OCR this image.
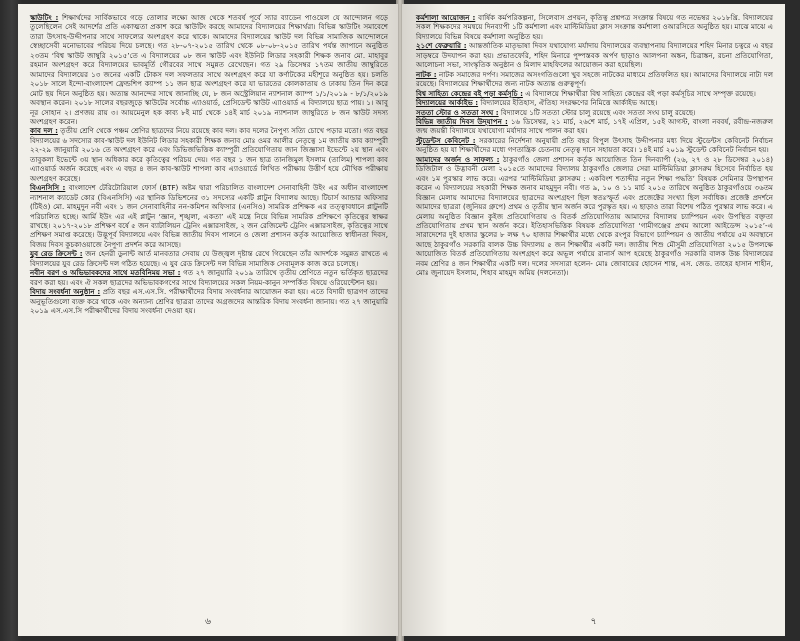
স্কাউটিং : শিক্ষার্থদের সার্বিকভাবে গড়ে তোলার লক্ষ্যে আজ থেকে শতবর্ষ পূর্বে স্যার ব্যাডেন পাওয়েল যে আন্দোলন গড়ে তুলেছিলেন সেই আদর্শের প্রতি একাত্মতা প্রকাশ করে স্কাউটিং করছে আমাদের বিদ্যালয়ের শিক্ষার্থরা। বিভিন্ন স্কাউটিং সমাবেশে তারা উৎসাহ-উদ্দীপনার সাথে সাফল্যের অংশগ্রহণ করে থাকে। আমাদের বিদ্যালয়ের স্কাউট দল বিভিন্ন সামাজিক আন্দোলনে স্বেচ্ছাসেবী মনোভাবের পরিচয় দিয়ে চলছে। গত ২৮-০৭-২০১৫ তারিখ থেকে ০৮-০৮-২০১৫ তারিখ পর্যন্ত জাপানে অনুষ্ঠিত ২৩তম ‘বিশ্ব স্কাউট জাম্বুরি ২০১৫’তে এ বিদ্যালয়ের ০৮ জন স্কাউট এবং ইউনিট লিডার সহকারী শিক্ষক জনাব মো. মাহাবুর রহমান অংশগ্রহণ করে বিদ্যালয়ের ভাবমূর্তি গৌরবের সাথে সমুন্নত রেখেছেন। গত ২৯ ডিসেম্বর ১৭তম জাতীয় জাম্বুরিতে আমাদের বিদ্যালয়ের ১৩ জনের একটি টোকস দল সফলতার সাথে অংশগ্রহণ করে যা কর্ণাটকের মহীশূরে অনুষ্ঠিত হয়। চলতি ২০১৮ সালে ইন্দো-বাংলাদেশ ফ্রেন্ডশিপ ক্যাম্প ১১ জন ছাত্র অংশগ্রহণ করে যা ভারতের কোলকাতায় ও ঢাকায় তিন দিন করে মোট ছয় দিনে অনুষ্ঠিত হয়। অত্যন্ত আনন্দের সাথে জানাচ্ছি যে, ৮ জন অস্ট্রেলিয়ান ন্যাশনাল ক্যাম্প ১/১/২০১৯ - ৮/১/২০১৯ অবস্থান করেন। ২০১৮ সালের বছরজুড়ে স্কাউটের সর্বোচ্চ এ্যাওয়ার্ড, প্রেসিডেন্ট স্কাউট এ্যাওয়ার্ড এ বিদ্যালয়ে ছাত্র পায়। ১। আবু নূর সোহান ২। প্রণজয় রায় ৩। আয়মেনুল হক কাব্য ৮ই মার্চ থেকে ১৪ই মার্চ ২০১৯ ন্যাশনাল জাম্বুরিতে ৮ জন স্কাউট সদস্য অংশগ্রহণ করেন।

কাব দল : তৃতীয় শ্রেণি থেকে পঞ্চম শ্রেণির ছাত্রদের নিয়ে রয়েছে কাব দল। কাব দলের নৈপুণ্য সত্যি চোখে পড়ার মতো। গত বছর বিদ্যালয়ের ৬ সদস্যের কাব-স্কাউট দল ইউনিট লিডার সহকারী শিক্ষক জনাব মোঃ ওমর আলীর নেতৃত্বে ১ম জাতীয় কাব ক্যাম্পুরী ২২-২৯ জানুয়ারি ২০১৬ তে অংশগ্রহণ করে এবং ডিভিজভিত্তিক ক্যাম্পুরী প্রতিযোগিতায় জান জিজ্ঞাসা ইভেন্টে ২য় স্থান এবং তাবুকলা ইভেন্টে ৩য় স্থান অধিকার করে কৃতিত্বের পরিচয় দেয়। গত বছর ১ জন ছাত্র তানজিমুল ইসলাম (তালিম) শাপলা কাব এ্যাওয়ার্ড অর্জন করেছে এবং এ বছর ৪ জন কাব-স্কাউট শাপলা কাব এ্যাওয়ার্ডে লিখিত পরীক্ষায় উত্তীর্ণ হয়ে মৌখিক পরীক্ষায় অংশগ্রহণ করেছে।

বিএনসিসি : বাংলাদেশ টেরিটোরিয়াল ফোর্স (BTF) অষ্টম দ্বারা পরিচালিত বাংলাদেশ সেনাবাহিনী উইং এর অধীন বাংলাদেশ ন্যাশনাল ক্যাডেট কোর (বিএনসিসি) এর স্থানিক ডিভিশনের ৩১ সদস্যের একটি প্লাটুন বিদ্যালয় আছে। টিচার্স আন্ডার অফিসার (টিইও) মো. মাহমুদুন নবী এবং ১ জন সেনাবাহিনীর নন-কমিশন অফিসার (এনসিও) সামরিক প্রশিক্ষক এর তত্ত্বাবধানে প্লাটুনটি পরিচালিত হচ্ছে। আর্মি ইউং এর এই প্লাটুন ‘জ্ঞান, শৃঙ্খলা, একতা’ এই মন্ত্রে নিয়ে বিভিন্ন সামরিক প্রশিক্ষণে কৃতিত্বের স্বাক্ষর রাখছে। ২০১৭-২০১৮ প্রশিক্ষণ বর্ষে ৫ জন ব্যাটালিয়ন ট্রেনিং এক্সারসাইজ, ২ জন রেজিমেন্ট ট্রেনিং এক্সারসাইজ, কৃতিত্বের সাথে প্রশিক্ষণ সমাপ্ত করেছে। উদ্ভূপূর্ব বিদ্যালয়ে এবং বিভিন্ন জাতীয় দিবস পালনে ও জেলা প্রশাসন কর্তৃক আয়োজিত স্বাধীনতা দিবস, বিজয় দিবস কুচকাওয়াজে নৈপুণ্য প্রদর্শন করে আসছে।

যুব রেড ক্রিসেন্ট : জন হেনরী ডুনান্ট আর্ত মানবতার সেবায় যে উজ্জ্বল দৃষ্টান্ত রেখে গিয়েছেন তাঁর আদর্শকে সমুন্নত রাখতে এ বিদ্যালয়ের যুব রেড ক্রিসেন্ট দল গঠিত হয়েছে। এ যুব রেড ক্রিসেন্ট দল বিভিন্ন সামাজিক সেবামূলক কাজ করে চলেছে।

নবীন বরণ ও অভিভাবকদের সাথে মতবিনিময় সভা : গত ২৭ জানুয়ারি ২০১৯ তারিখে তৃতীয় শ্রেণিতে নতুন ভর্তিকৃত ছাত্রদের বরণ করা হয়। এবং ঐ সকল ছাত্রদের অভিভাবকগণের সাথে বিদ্যালয়ের সকল নিয়ম-কানুন সম্পর্কিত বিষয়ে ওরিয়েন্টেশন হয়।

বিদায় সংবর্ধনা অনুষ্ঠান : প্রতি বছর এস.এস.সি. পরীক্ষার্থীদের বিদায় সংবর্ধনার আয়োজন করা হয়। এতে বিদায়ী ছাত্রগণ তাদের অনুভূতিগুলো ব্যক্ত করে থাকে এবং অন্যান্য শ্রেণির ছাত্ররা তাদের অগ্রজদের আন্তরিক বিদায় সংবর্ধনা জানায়। গত ২৭ জানুয়ারি ২০১৯ এস.এস.সি পরীক্ষার্থীদের বিদায় সংবর্ধনা দেওয়া হয়।

৬

কর্মশালা আয়োজন : বার্ষিক কর্মপরিকল্পনা, সিলেবাস প্রণয়ন, কৃতিত্ব প্রশ্নপত্র সংক্রান্ত বিষয়ে গত নভেম্বর ২০১৮খ্রি. বিদ্যালয়ের সকল শিক্ষকদের সমন্বয়ে দিনব্যাপী ১টি কর্মশালা এবং মাল্টিমিডিয়া ক্লাস সংক্রান্ত কর্মশালা ওআরসিতে অনুষ্ঠিত হয়। মাঝে মাঝে এ বিদ্যালয়ে বিভিন্ন বিষয়ে কর্মশালা অনুষ্ঠিত হয়।

২১শে ফেব্রুয়ারি : আন্তর্জাতিক মাতৃভাষা দিবস যথাযোগ্য মর্যাদায় বিদ্যালয়ের ব্যবস্থাপনায় বিদ্যালয়ের শহিদ মিনার চত্বরে এ বছর সাড়ম্বরে উদযাপন করা হয়। প্রভাতফেরি, শহিদ মিনারে পুষ্পস্তবক অর্পণ ছাড়াও আলপনা অঙ্কন, চিত্রাঙ্কন, রচনা প্রতিযোগিতা, আলোচনা সভা, সাংস্কৃতিক অনুষ্ঠান ও মিলাদ মাহফিলের আয়োজন করা হয়েছিল।

নাটক : নাটক সমাজের দর্পণ। সমাজের অসংগতিগুলো খুব সহজে নাটকের মাধ্যমে প্রতিফলিত হয়। আমাদের বিদ্যালয়ে নাট্য দল রয়েছে। বিদ্যালয়ের শিক্ষার্থীদের জন্য নাটক অত্যন্ত গুরুত্বপূর্ণ।

বিশ্ব সাহিত্য কেন্দ্রের বই পড়া কর্মসূচি : এ বিদ্যালয়ে শিক্ষার্থীরা বিশ্ব সাহিত্য কেন্দ্রের বই পড়া কর্মসূচির সাথে সম্পৃক্ত রয়েছে।

বিদ্যালয়ের আর্কাইভ : বিদ্যালয়ের ইতিহাস, ঐতিহ্য সংরক্ষণের নিমিত্তে আর্কাইভ আছে।

সততা স্টোর ও সততা সংঘ : বিদ্যালয়ে ১টি সততা স্টোর চালু রয়েছে এবং সততা সংঘ চালু রয়েছে।

বিভিন্ন জাতীয় দিবস উদ্‌যাপন : ১৬ ডিসেম্বর, ২১ মার্চ, ২৬শে মার্চ, ১৭ই এপ্রিল, ১৫ই আগস্ট, বাংলা নববর্ষ, রবীন্দ্র-নজরুল জন্ম জয়ন্তী বিদ্যালয়ে যথাযোগ্য মর্যাদার সাথে পালন করা হয়।

স্টুডেন্টস কেবিনেট : সরকারের নির্দেশনা অনুযায়ী প্রতি বছর বিপুল উৎসাহ উদ্দীপনার মধ্য দিয়ে স্টুডেন্টস কেবিনেট নির্বাচন অনুষ্ঠিত হয় যা শিক্ষার্থীদের মধ্যে গণতান্ত্রিক চেতনায় নেতৃত্ব দানে সহায়তা করে। ১৪ই মার্চ ২০১৯ স্টুডেন্ট কেবিনেট নির্বাচন হয়।

আমাদের অর্জন ও সাফল্য : ঠাকুরগাঁও জেলা প্রশাসন কর্তৃক আয়োজিত তিন দিনব্যাপী (২৬, ২৭ ও ২৮ ডিসেম্বর ২০১৪) ডিজিটাল ও উদ্ভাবনী মেলা ২০১৫তে আমাদের বিদ্যালয় ঠাকুরগাঁও জেলার সেরা মাল্টিমিডিয়া ক্লাসরুম হিসেবে নির্বাচিত হয় এবং ১ম পুরস্কার লাভ করে। এরপর ‘মাল্টিমিডিয়া ক্লাসরুম : একবিংশ শতাব্দীর নতুন শিক্ষা পদ্ধতি’ বিষয়ক সেমিনার উপস্থাপন করেন এ বিদ্যালয়ের সহকারী শিক্ষক জনাব মাহমুদুন নবী। গত ৯, ১০ ও ১১ মার্চ ২০১৫ তারিখে অনুষ্ঠিত ঠাকুরগাঁওয়ে ৩৬তম বিজ্ঞান মেলায় আমাদের বিদ্যালয়ের ছাত্রদের অংশগ্রহণ ছিল স্বতঃস্ফূর্ত এবং প্রজেক্টের সংখ্যা ছিল সর্বাধিক। প্রজেক্ট প্রদর্শনে আমাদের ছাত্ররা (জুনিয়র গ্রুপে) প্রথম ও তৃতীয় স্থান অর্জন করে পুরস্কৃত হয়। এ ছাড়াও তারা বিশেষ পঠিত পুরস্কার লাভ করে। এ মেলায় অনুষ্ঠিত বিজ্ঞান কুইজ প্রতিযোগিতায় ও বিতর্ক প্রতিযোগিতায় আমাদের বিদ্যালয় চ্যাম্পিয়ন এবং উপস্থিত বক্তৃতা প্রতিযোগিতায় প্রথম স্থান অর্জন করে। ইতিহাসভিত্তিক বিষয়ক প্রতিযোগিতা ‘গামীগঞ্জের প্রথম আলো আইডেন্স ২০১৫’-এ সারাদেশের দুই হাজার স্কুলের ৮ লক্ষ ৭০ হাজার শিক্ষার্থীর মধ্যে থেকে রংপুর বিভাগে চ্যাম্পিয়ন ও জাতীয় পর্যায়ে ৫ম অবস্থানে আছে ঠাকুরগাঁও সরকারি বালক উচ্চ বিদ্যালয় ৫ জন শিক্ষার্থীর একটি দল। জাতীয় শিশু মৌসুমী প্রতিযোগিতা ২০১৫ উপলক্ষে আয়োজিত বিতর্ক প্রতিযোগিতায় অংশগ্রহণ করে অভূল পর্যায়ে রানার্স আপ হয়েছে ঠাকুরগাঁও সরকারি বালক উচ্চ বিদ্যালয়ের নবম শ্রেণির ৪ জন শিক্ষার্থীর একটি দল। দলের সদস্যরা হলেন- মোঃ জোবায়ের হোসেন শান্ত, এস. জেড. তাহের হাসান শাহীন, মোঃ জুনায়েদ ইসলাম, শিহাব মাহমুদ অমিয় (দলনেতা)।

৭
